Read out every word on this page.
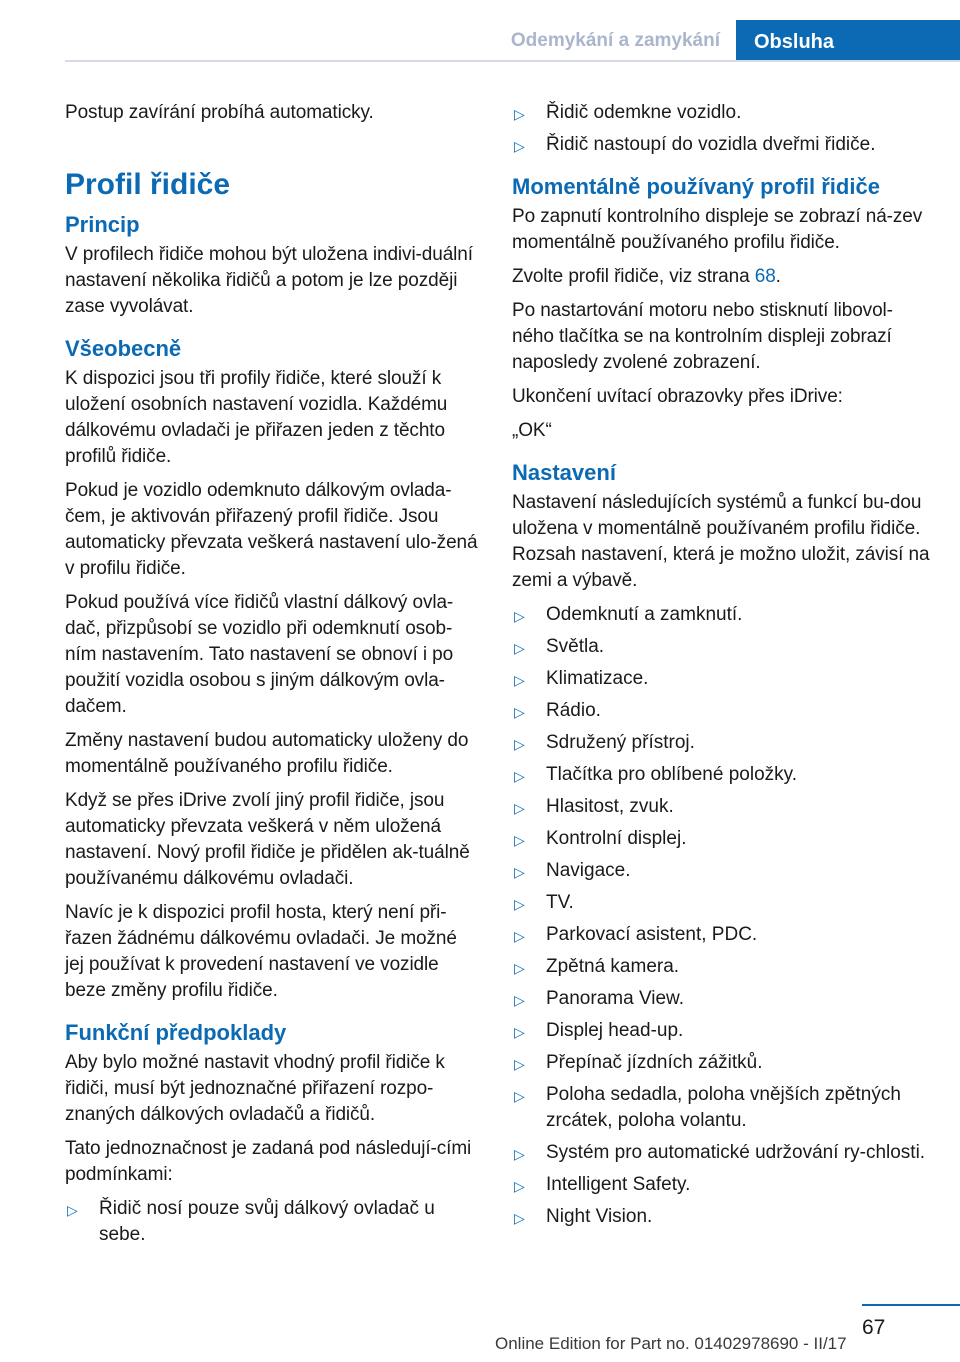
Odemykání a zamykání	Obsluha

Postup zavírání probíhá automaticky.

Profil řidiče
Princip

V profilech řidiče mohou být uložena indivi-duální nastavení několika řidičů a potom je lze později zase vyvolávat.

Všeobecně

K dispozici jsou tři profily řidiče, které slouží k uložení osobních nastavení vozidla. Každému dálkovému ovladači je přiřazen jeden z těchto profilů řidiče.

Pokud je vozidlo odemknuto dálkovým ovlada-čem, je aktivován přiřazený profil řidiče. Jsou automaticky převzata veškerá nastavení ulo-žená v profilu řidiče.

Pokud používá více řidičů vlastní dálkový ovla-dač, přizpůsobí se vozidlo při odemknutí osob-ním nastavením. Tato nastavení se obnoví i po použití vozidla osobou s jiným dálkovým ovla-dačem.

Změny nastavení budou automaticky uloženy do momentálně používaného profilu řidiče.

Když se přes iDrive zvolí jiný profil řidiče, jsou automaticky převzata veškerá v něm uložená nastavení. Nový profil řidiče je přidělen ak-tuálně používanému dálkovému ovladači.

Navíc je k dispozici profil hosta, který není při-řazen žádnému dálkovému ovladači. Je možné jej používat k provedení nastavení ve vozidle beze změny profilu řidiče.

Funkční předpoklady

Aby bylo možné nastavit vhodný profil řidiče k řidiči, musí být jednoznačné přiřazení rozpo-znaných dálkových ovladačů a řidičů.

Tato jednoznačnost je zadaná pod následují-cími podmínkami:

▷ Řidič nosí pouze svůj dálkový ovladač u sebe.
▷ Řidič odemkne vozidlo.
▷ Řidič nastoupí do vozidla dveřmi řidiče.
Momentálně používaný profil řidiče

Po zapnutí kontrolního displeje se zobrazí ná-zev momentálně používaného profilu řidiče.

Zvolte profil řidiče, viz strana 68.

Po nastartování motoru nebo stisknutí libovol-ného tlačítka se na kontrolním displeji zobrazí naposledy zvolené zobrazení.

Ukončení uvítací obrazovky přes iDrive:

„OK“

Nastavení

Nastavení následujících systémů a funkcí bu-dou uložena v momentálně používaném profilu řidiče. Rozsah nastavení, která je možno uložit, závisí na zemi a výbavě.

▷ Odemknutí a zamknutí.
▷ Světla.
▷ Klimatizace.
▷ Rádio.
▷ Sdružený přístroj.
▷ Tlačítka pro oblíbené položky.
▷ Hlasitost, zvuk.
▷ Kontrolní displej.
▷ Navigace.
▷ TV.
▷ Parkovací asistent, PDC.
▷ Zpětná kamera.
▷ Panorama View.
▷ Displej head-up.
▷ Přepínač jízdních zážitků.
▷ Poloha sedadla, poloha vnějších zpětných zrcátek, poloha volantu.
▷ Systém pro automatické udržování ry-chlosti.
▷ Intelligent Safety.
▷ Night Vision.
67
Online Edition for Part no. 01402978690 - II/17
